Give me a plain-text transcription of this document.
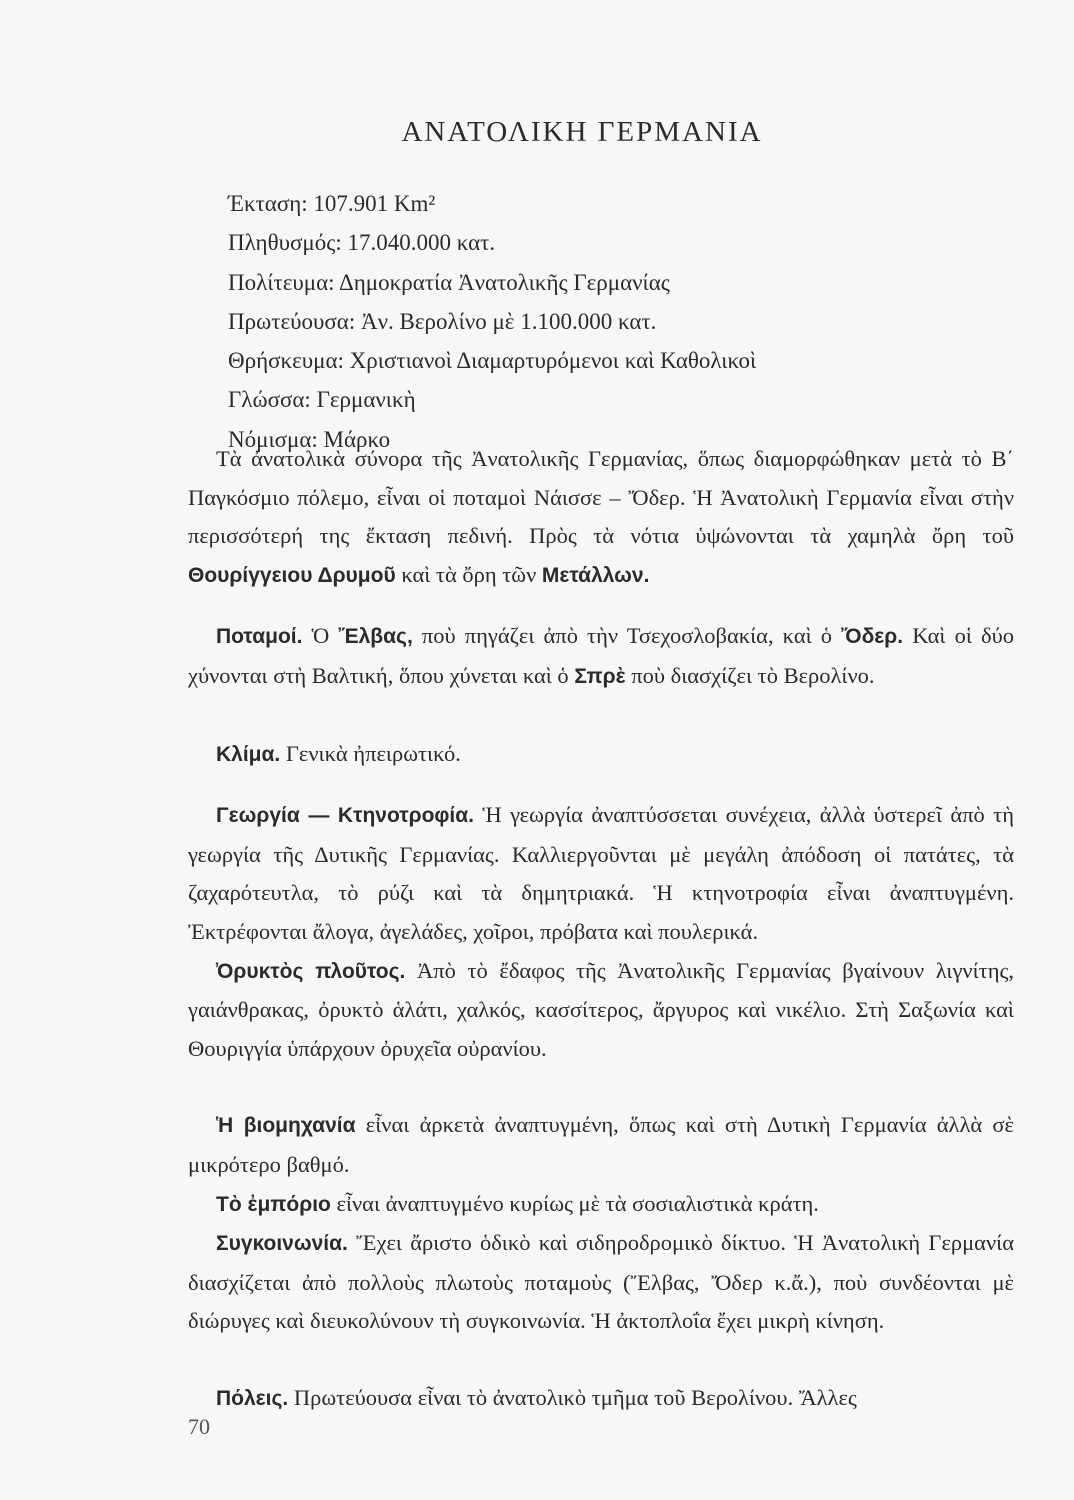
ΑΝΑΤΟΛΙΚΗ ΓΕΡΜΑΝΙΑ
Έκταση: 107.901 Km²
Πληθυσμός: 17.040.000 κατ.
Πολίτευμα: Δημοκρατία Ἀνατολικῆς Γερμανίας
Πρωτεύουσα: Ἀν. Βερολίνο μὲ 1.100.000 κατ.
Θρήσκευμα: Χριστιανοὶ Διαμαρτυρόμενοι καὶ Καθολικοὶ
Γλώσσα: Γερμανικὴ
Νόμισμα: Μάρκο

Τὰ ἀνατολικὰ σύνορα τῆς Ἀνατολικῆς Γερμανίας, ὅπως διαμορφώθηκαν μετὰ τὸ Β΄ Παγκόσμιο πόλεμο, εἶναι οἱ ποταμοὶ Νάισσε – Ὄδερ. Ἡ Ἀνατολικὴ Γερμανία εἶναι στὴν περισσότερή της ἔκταση πεδινή. Πρὸς τὰ νότια ὑψώνονται τὰ χαμηλὰ ὄρη τοῦ Θουρίγγειου Δρυμοῦ καὶ τὰ ὄρη τῶν Μετάλλων.

Ποταμοί. Ὁ Ἔλβας, ποὺ πηγάζει ἀπὸ τὴν Τσεχοσλοβακία, καὶ ὁ Ὄδερ. Καὶ οἱ δύο χύνονται στὴ Βαλτική, ὅπου χύνεται καὶ ὁ Σπρὲ ποὺ διασχίζει τὸ Βερολίνο.

Κλίμα. Γενικὰ ἠπειρωτικό.

Γεωργία — Κτηνοτροφία. Ἡ γεωργία ἀναπτύσσεται συνέχεια, ἀλλὰ ὑστερεῖ ἀπὸ τὴ γεωργία τῆς Δυτικῆς Γερμανίας. Καλλιεργοῦνται μὲ μεγάλη ἀπόδοση οἱ πατάτες, τὰ ζαχαρότευτλα, τὸ ρύζι καὶ τὰ δημητριακά. Ἡ κτηνοτροφία εἶναι ἀναπτυγμένη. Ἐκτρέφονται ἄλογα, ἀγελάδες, χοῖροι, πρόβατα καὶ πουλερικά.

Ὀρυκτὸς πλοῦτος. Ἀπὸ τὸ ἔδαφος τῆς Ἀνατολικῆς Γερμανίας βγαίνουν λιγνίτης, γαιάνθρακας, ὀρυκτὸ ἁλάτι, χαλκός, κασσίτερος, ἄργυρος καὶ νικέλιο. Στὴ Σαξωνία καὶ Θουριγγία ὑπάρχουν ὀρυχεῖα οὐρανίου.

Ἡ βιομηχανία εἶναι ἀρκετὰ ἀναπτυγμένη, ὅπως καὶ στὴ Δυτικὴ Γερμανία ἀλλὰ σὲ μικρότερο βαθμό.

Τὸ ἐμπόριο εἶναι ἀναπτυγμένο κυρίως μὲ τὰ σοσιαλιστικὰ κράτη.

Συγκοινωνία. Ἔχει ἄριστο ὁδικὸ καὶ σιδηροδρομικὸ δίκτυο. Ἡ Ἀνατολικὴ Γερμανία διασχίζεται ἀπὸ πολλοὺς πλωτοὺς ποταμοὺς (Ἔλβας, Ὄδερ κ.ἄ.), ποὺ συνδέονται μὲ διώρυγες καὶ διευκολύνουν τὴ συγκοινωνία. Ἡ ἀκτοπλοΐα ἔχει μικρὴ κίνηση.

Πόλεις. Πρωτεύουσα εἶναι τὸ ἀνατολικὸ τμῆμα τοῦ Βερολίνου. Ἄλλες

70
